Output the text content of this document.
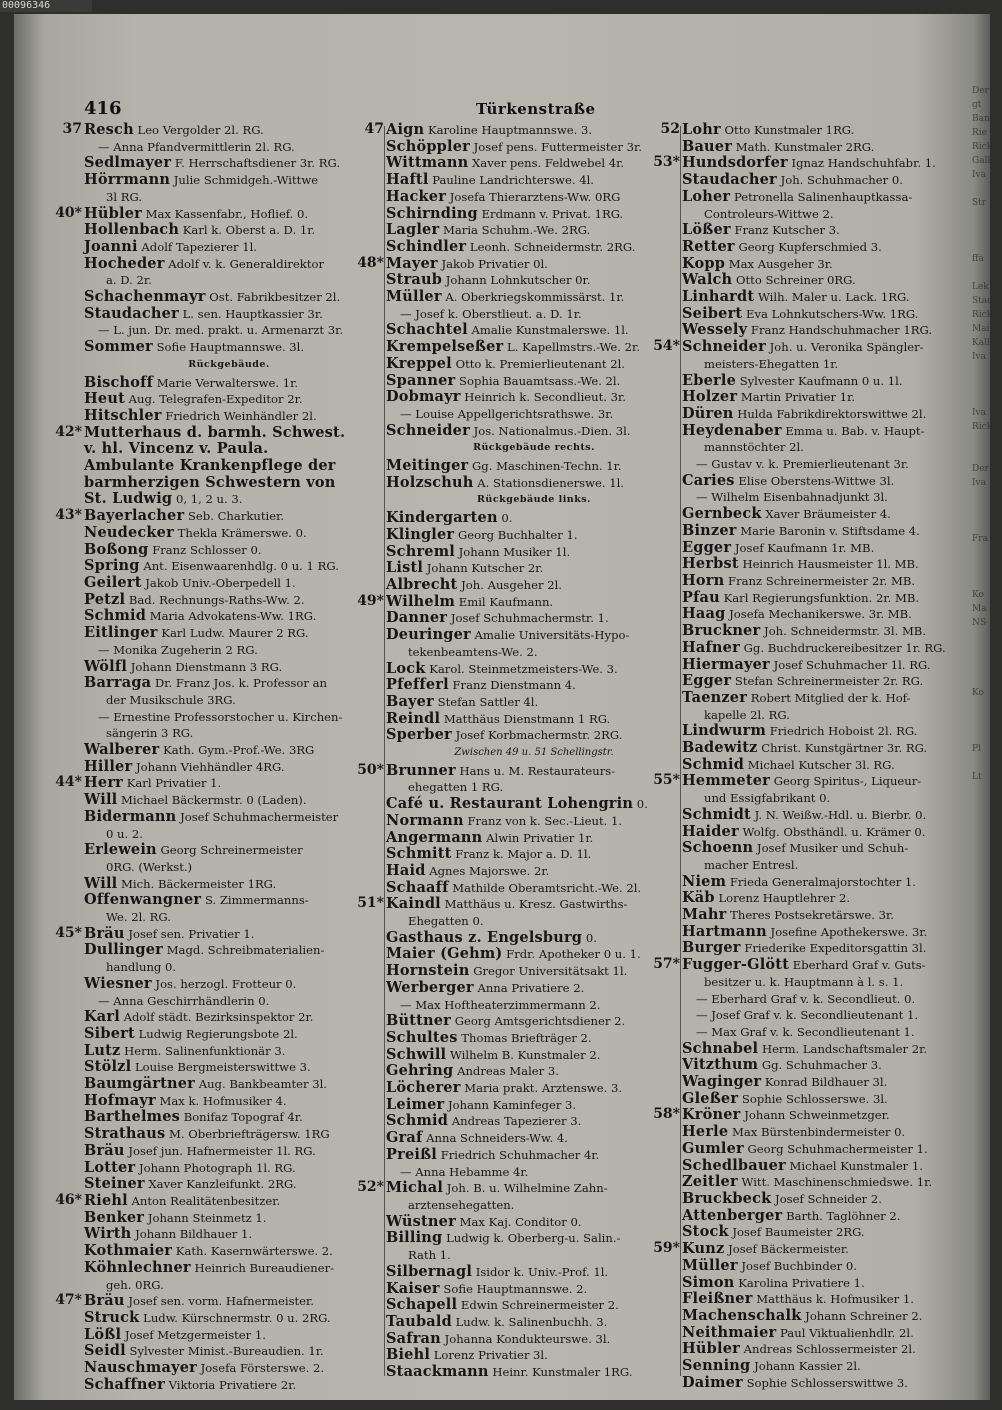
00096346
Der
gt
Bang
Rie
Rick
Gall
Iva

Str

ffa

Lek
Stad
Rick
Mai
Kall
Iva

Iva
Rick

Der
Iva

Fra

Ko
Ma
NS

Ko

Pl

Lt
416	Türkenstraße
37 Resch Leo Vergolder 2l. RG.
— Anna Pfandvermittlerin 2l. RG.
Sedlmayer F. Herrschaftsdiener 3r. RG.
Hörrmann Julie Schmidgeh.-Wittwe
3l RG.
40* Hübler Max Kassenfabr., Hoflief. 0.
Hollenbach Karl k. Oberst a. D. 1r.
Joanni Adolf Tapezierer 1l.
Hocheder Adolf v. k. Generaldirektor
a. D. 2r.
Schachenmayr Ost. Fabrikbesitzer 2l.
Staudacher L. sen. Hauptkassier 3r.
— L. jun. Dr. med. prakt. u. Armenarzt 3r.
Sommer Sofie Hauptmannswe. 3l.
Rückgebäude.
Bischoff Marie Verwalterswe. 1r.
Heut Aug. Telegrafen-Expeditor 2r.
Hitschler Friedrich Weinhändler 2l.
42* Mutterhaus d. barmh. Schwest.
v. hl. Vincenz v. Paula.
Ambulante Krankenpflege der
barmherzigen Schwestern von
St. Ludwig 0, 1, 2 u. 3.
43* Bayerlacher Seb. Charkutier.
Neudecker Thekla Krämerswe. 0.
Boßong Franz Schlosser 0.
Spring Ant. Eisenwaarenhdlg. 0 u. 1 RG.
Geilert Jakob Univ.-Oberpedell 1.
Petzl Bad. Rechnungs-Raths-Ww. 2.
Schmid Maria Advokatens-Ww. 1RG.
Eitlinger Karl Ludw. Maurer 2 RG.
— Monika Zugeherin 2 RG.
Wölfl Johann Dienstmann 3 RG.
Barraga Dr. Franz Jos. k. Professor an
der Musikschule 3RG.
— Ernestine Professorstocher u. Kirchen-
sängerin 3 RG.
Walberer Kath. Gym.-Prof.-We. 3RG
Hiller Johann Viehhändler 4RG.
44* Herr Karl Privatier 1.
Will Michael Bäckermstr. 0 (Laden).
Bidermann Josef Schuhmachermeister
0 u. 2.
Erlewein Georg Schreinermeister
0RG. (Werkst.)
Will Mich. Bäckermeister 1RG.
Offenwangner S. Zimmermanns-
We. 2l. RG.
45* Bräu Josef sen. Privatier 1.
Dullinger Magd. Schreibmaterialien-
handlung 0.
Wiesner Jos. herzogl. Frotteur 0.
— Anna Geschirrhändlerin 0.
Karl Adolf städt. Bezirksinspektor 2r.
Sibert Ludwig Regierungsbote 2l.
Lutz Herm. Salinenfunktionär 3.
Stölzl Louise Bergmeisterswittwe 3.
Baumgärtner Aug. Bankbeamter 3l.
Hofmayr Max k. Hofmusiker 4.
Barthelmes Bonifaz Topograf 4r.
Strathaus M. Oberbriefträgersw. 1RG
Bräu Josef jun. Hafnermeister 1l. RG.
Lotter Johann Photograph 1l. RG.
Steiner Xaver Kanzleifunkt. 2RG.
46* Riehl Anton Realitätenbesitzer.
Benker Johann Steinmetz 1.
Wirth Johann Bildhauer 1.
Kothmaier Kath. Kasernwärterswe. 2.
Köhnlechner Heinrich Bureaudiener-
geh. 0RG.
47* Bräu Josef sen. vorm. Hafnermeister.
Struck Ludw. Kürschnermstr. 0 u. 2RG.
Lößl Josef Metzgermeister 1.
Seidl Sylvester Minist.-Bureaudien. 1r.
Nauschmayer Josefa Försterswe. 2.
Schaffner Viktoria Privatiere 2r.
47 Aign Karoline Hauptmannswe. 3.
Schöppler Josef pens. Futtermeister 3r.
Wittmann Xaver pens. Feldwebel 4r.
Haftl Pauline Landrichterswe. 4l.
Hacker Josefa Thierarztens-Ww. 0RG
Schirnding Erdmann v. Privat. 1RG.
Lagler Maria Schuhm.-We. 2RG.
Schindler Leonh. Schneidermstr. 2RG.
48* Mayer Jakob Privatier 0l.
Straub Johann Lohnkutscher 0r.
Müller A. Oberkriegskommissärst. 1r.
— Josef k. Oberstlieut. a. D. 1r.
Schachtel Amalie Kunstmalerswe. 1l.
Krempelseßer L. Kapellmstrs.-We. 2r.
Kreppel Otto k. Premierlieutenant 2l.
Spanner Sophia Bauamtsass.-We. 2l.
Dobmayr Heinrich k. Secondlieut. 3r.
— Louise Appellgerichtsrathswe. 3r.
Schneider Jos. Nationalmus.-Dien. 3l.
Rückgebäude rechts.
Meitinger Gg. Maschinen-Techn. 1r.
Holzschuh A. Stationsdienerswe. 1l.
Rückgebäude links.
Kindergarten 0.
Klingler Georg Buchhalter 1.
Schreml Johann Musiker 1l.
Listl Johann Kutscher 2r.
Albrecht Joh. Ausgeher 2l.
49* Wilhelm Emil Kaufmann.
Danner Josef Schuhmachermstr. 1.
Deuringer Amalie Universitäts-Hypo-
tekenbeamtens-We. 2.
Lock Karol. Steinmetzmeisters-We. 3.
Pfefferl Franz Dienstmann 4.
Bayer Stefan Sattler 4l.
Reindl Matthäus Dienstmann 1 RG.
Sperber Josef Korbmachermstr. 2RG.
Zwischen 49 u. 51 Schellingstr.
50* Brunner Hans u. M. Restaurateurs-
ehegatten 1 RG.
Café u. Restaurant Lohengrin 0.
Normann Franz von k. Sec.-Lieut. 1.
Angermann Alwin Privatier 1r.
Schmitt Franz k. Major a. D. 1l.
Haid Agnes Majorswe. 2r.
Schaaff Mathilde Oberamtsricht.-We. 2l.
51* Kaindl Matthäus u. Kresz. Gastwirths-
Ehegatten 0.
Gasthaus z. Engelsburg 0.
Maier (Gehm) Frdr. Apotheker 0 u. 1.
Hornstein Gregor Universitätsakt 1l.
Werberger Anna Privatiere 2.
— Max Hoftheaterzimmermann 2.
Büttner Georg Amtsgerichtsdiener 2.
Schultes Thomas Briefträger 2.
Schwill Wilhelm B. Kunstmaler 2.
Gehring Andreas Maler 3.
Löcherer Maria prakt. Arztenswe. 3.
Leimer Johann Kaminfeger 3.
Schmid Andreas Tapezierer 3.
Graf Anna Schneiders-Ww. 4.
Preißl Friedrich Schuhmacher 4r.
— Anna Hebamme 4r.
52* Michal Joh. B. u. Wilhelmine Zahn-
arztensehegatten.
Wüstner Max Kaj. Conditor 0.
Billing Ludwig k. Oberberg-u. Salin.-
Rath 1.
Silbernagl Isidor k. Univ.-Prof. 1l.
Kaiser Sofie Hauptmannswe. 2.
Schapell Edwin Schreinermeister 2.
Taubald Ludw. k. Salinenbuchh. 3.
Safran Johanna Kondukteurswe. 3l.
Biehl Lorenz Privatier 3l.
Staackmann Heinr. Kunstmaler 1RG.
52 Lohr Otto Kunstmaler 1RG.
Bauer Math. Kunstmaler 2RG.
53* Hundsdorfer Ignaz Handschuhfabr. 1.
Staudacher Joh. Schuhmacher 0.
Loher Petronella Salinenhauptkassa-
Controleurs-Wittwe 2.
Lößer Franz Kutscher 3.
Retter Georg Kupferschmied 3.
Kopp Max Ausgeher 3r.
Walch Otto Schreiner 0RG.
Linhardt Wilh. Maler u. Lack. 1RG.
Seibert Eva Lohnkutschers-Ww. 1RG.
Wessely Franz Handschuhmacher 1RG.
54* Schneider Joh. u. Veronika Spängler-
meisters-Ehegatten 1r.
Eberle Sylvester Kaufmann 0 u. 1l.
Holzer Martin Privatier 1r.
Düren Hulda Fabrikdirektorswittwe 2l.
Heydenaber Emma u. Bab. v. Haupt-
mannstöchter 2l.
— Gustav v. k. Premierlieutenant 3r.
Caries Elise Oberstens-Wittwe 3l.
— Wilhelm Eisenbahnadjunkt 3l.
Gernbeck Xaver Bräumeister 4.
Binzer Marie Baronin v. Stiftsdame 4.
Egger Josef Kaufmann 1r. MB.
Herbst Heinrich Hausmeister 1l. MB.
Horn Franz Schreinermeister 2r. MB.
Pfau Karl Regierungsfunktion. 2r. MB.
Haag Josefa Mechanikerswe. 3r. MB.
Bruckner Joh. Schneidermstr. 3l. MB.
Hafner Gg. Buchdruckereibesitzer 1r. RG.
Hiermayer Josef Schuhmacher 1l. RG.
Egger Stefan Schreinermeister 2r. RG.
Taenzer Robert Mitglied der k. Hof-
kapelle 2l. RG.
Lindwurm Friedrich Hoboist 2l. RG.
Badewitz Christ. Kunstgärtner 3r. RG.
Schmid Michael Kutscher 3l. RG.
55* Hemmeter Georg Spiritus-, Liqueur-
und Essigfabrikant 0.
Schmidt J. N. Weißw.-Hdl. u. Bierbr. 0.
Haider Wolfg. Obsthändl. u. Krämer 0.
Schoenn Josef Musiker und Schuh-
macher Entresl.
Niem Frieda Generalmajorstochter 1.
Käb Lorenz Hauptlehrer 2.
Mahr Theres Postsekretärswe. 3r.
Hartmann Josefine Apothekerswe. 3r.
Burger Friederike Expeditorsgattin 3l.
57* Fugger-Glött Eberhard Graf v. Guts-
besitzer u. k. Hauptmann à l. s. 1.
— Eberhard Graf v. k. Secondlieut. 0.
— Josef Graf v. k. Secondlieutenant 1.
— Max Graf v. k. Secondlieutenant 1.
Schnabel Herm. Landschaftsmaler 2r.
Vitzthum Gg. Schuhmacher 3.
Waginger Konrad Bildhauer 3l.
Gleßer Sophie Schlosserswe. 3l.
58* Kröner Johann Schweinmetzger.
Herle Max Bürstenbindermeister 0.
Gumler Georg Schuhmachermeister 1.
Schedlbauer Michael Kunstmaler 1.
Zeitler Witt. Maschinenschmiedswe. 1r.
Bruckbeck Josef Schneider 2.
Attenberger Barth. Taglöhner 2.
Stock Josef Baumeister 2RG.
59* Kunz Josef Bäckermeister.
Müller Josef Buchbinder 0.
Simon Karolina Privatiere 1.
Fleißner Matthäus k. Hofmusiker 1.
Machenschalk Johann Schreiner 2.
Neithmaier Paul Viktualienhdlr. 2l.
Hübler Andreas Schlossermeister 2l.
Senning Johann Kassier 2l.
Daimer Sophie Schlosserswittwe 3.
